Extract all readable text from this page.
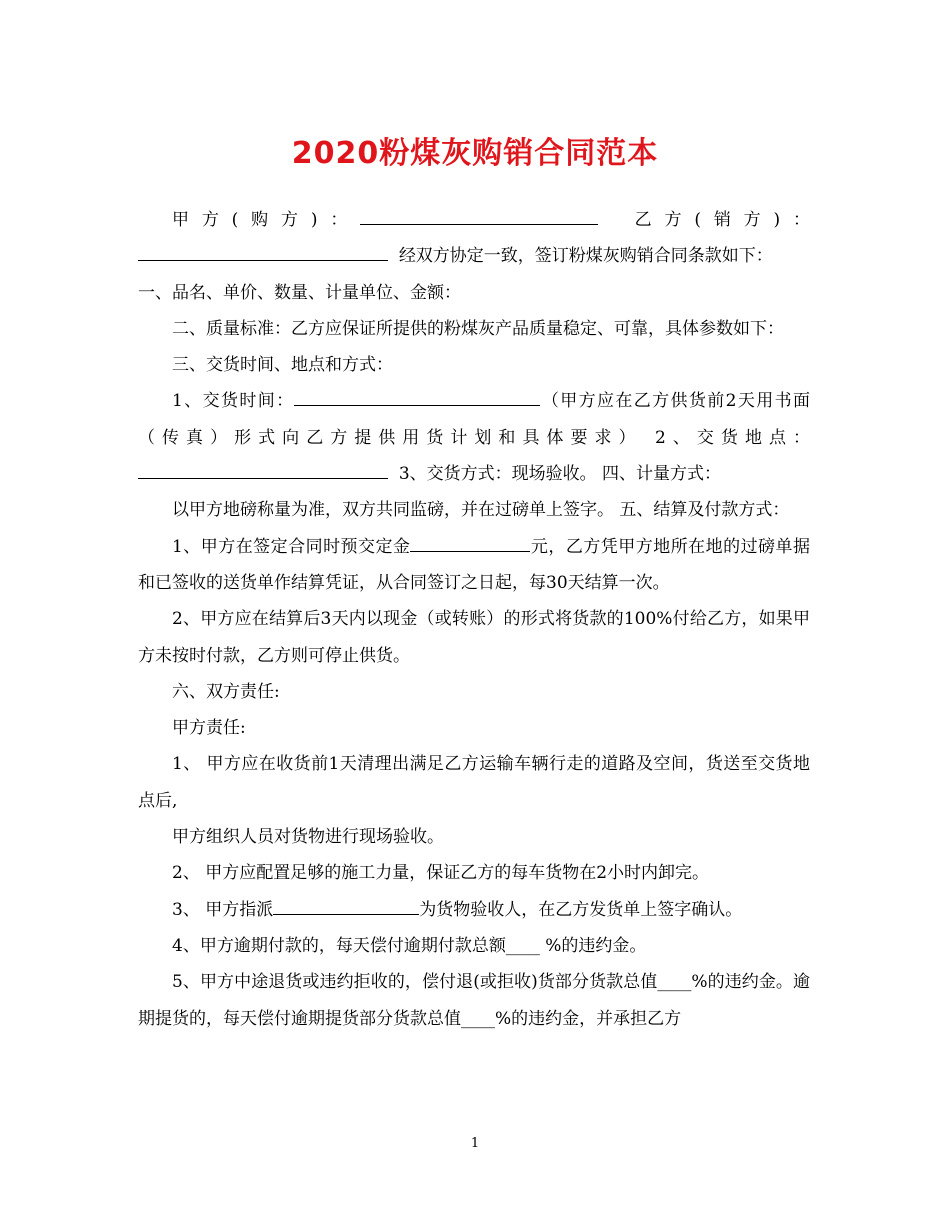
2020粉煤灰购销合同范本

甲方(购方)：	乙方(销方)：   经双方协定一致，签订粉煤灰购销合同条款如下：

一、品名、单价、数量、计量单位、金额：

二、质量标准：乙方应保证所提供的粉煤灰产品质量稳定、可靠，具体参数如下：

三、交货时间、地点和方式：

1、交货时间：	（甲方应在乙方供货前2天用书面（传真）形式向乙方提供用货计划和具体要求） 2、交货地点：   3、交货方式：现场验收。 四、计量方式：

以甲方地磅称量为准，双方共同监磅，并在过磅单上签字。 五、结算及付款方式：

1、甲方在签定合同时预交定金	元，乙方凭甲方地所在地的过磅单据和已签收的送货单作结算凭证，从合同签订之日起，每30天结算一次。

2、甲方应在结算后3天内以现金（或转账）的形式将货款的100%付给乙方，如果甲方未按时付款，乙方则可停止供货。

六、双方责任:

甲方责任:

1、 甲方应在收货前1天清理出满足乙方运输车辆行走的道路及空间，货送至交货地点后,

甲方组织人员对货物进行现场验收。

2、 甲方应配置足够的施工力量，保证乙方的每车货物在2小时内卸完。

3、 甲方指派	为货物验收人，在乙方发货单上签字确认。

4、甲方逾期付款的，每天偿付逾期付款总额____ %的违约金。

5、甲方中途退货或违约拒收的，偿付退(或拒收)货部分货款总值____%的违约金。逾期提货的，每天偿付逾期提货部分货款总值____%的违约金，并承担乙方

1
